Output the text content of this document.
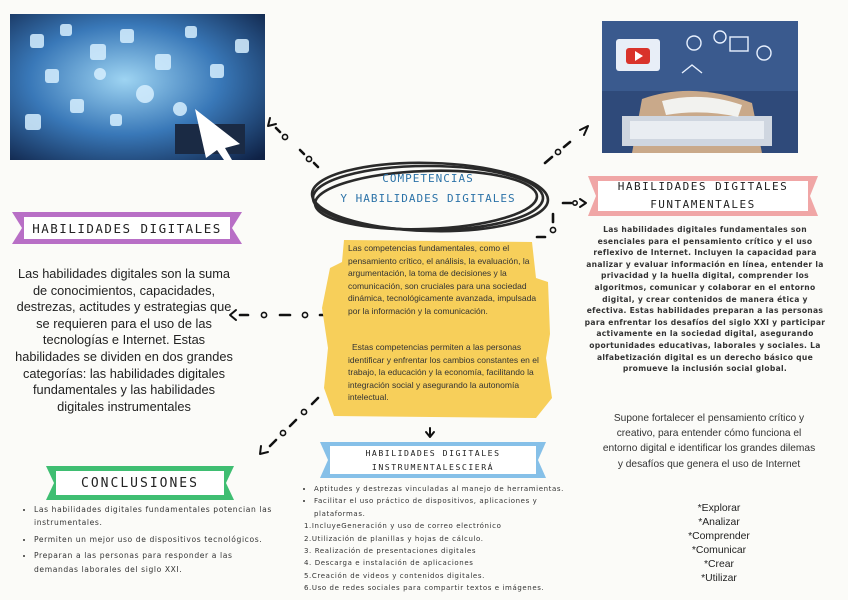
COMPETENCIAS
Y HABILIDADES DIGITALES
HABILIDADES DIGITALES
Las habilidades digitales son la suma de conocimientos, capacidades, destrezas, actitudes y estrategias que se requieren para el uso de las tecnologías e Internet. Estas habilidades se dividen en dos grandes categorías: las habilidades digitales fundamentales y las habilidades digitales instrumentales
Las competencias fundamentales, como el pensamiento crítico, el análisis, la evaluación, la argumentación, la toma de decisiones y la comunicación, son cruciales para una sociedad dinámica, tecnológicamente avanzada, impulsada por la información y la comunicación.
Estas competencias permiten a las personas identificar y enfrentar los cambios constantes en el trabajo, la educación y la economía, facilitando la integración social y asegurando la autonomía intelectual.
HABILIDADES DIGITALES
FUNTAMENTALES
Las habilidades digitales fundamentales son esenciales para el pensamiento crítico y el uso reflexivo de Internet. Incluyen la capacidad para analizar y evaluar información en línea, entender la privacidad y la huella digital, comprender los algoritmos, comunicar y colaborar en el entorno digital, y crear contenidos de manera ética y efectiva. Estas habilidades preparan a las personas para enfrentar los desafíos del siglo XXI y participar activamente en la sociedad digital, asegurando oportunidades educativas, laborales y sociales. La alfabetización digital es un derecho básico que promueve la inclusión social global.
Supone fortalecer el pensamiento crítico y creativo, para entender cómo funciona el entorno digital e identificar los grandes dilemas y desafíos que genera el uso de Internet
*Explorar
*Analizar
*Comprender
*Comunicar
*Crear
*Utilizar
HABILIDADES DIGITALES
INSTRUMENTALESCIERÁ
• Aptitudes y destrezas vinculadas al manejo de herramientas.
• Facilitar el uso práctico de dispositivos, aplicaciones y plataformas.
1.IncluyeGeneración y uso de correo electrónico
2.Utilización de planillas y hojas de cálculo.
3. Realización de presentaciones digitales
4. Descarga e instalación de aplicaciones
5.Creación de videos y contenidos digitales.
6.Uso de redes sociales para compartir textos e imágenes.
CONCLUSIONES
• Las habilidades digitales fundamentales potencian las instrumentales.
• Permiten un mejor uso de dispositivos tecnológicos.
• Preparan a las personas para responder a las demandas laborales del siglo XXI.
